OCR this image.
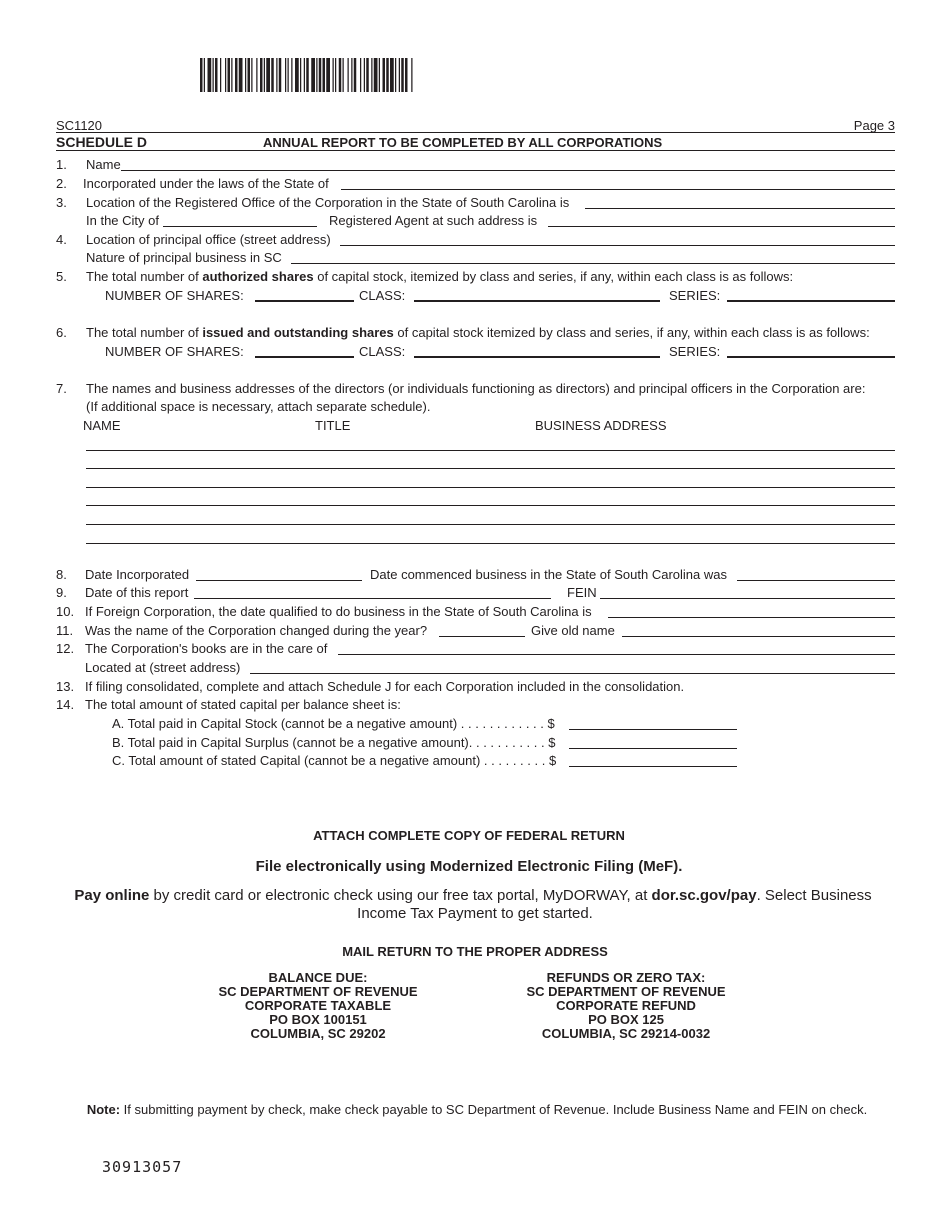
SC1120	Page 3
SCHEDULE D	ANNUAL REPORT TO BE COMPLETED BY ALL CORPORATIONS
1. Name
2. Incorporated under the laws of the State of
3. Location of the Registered Office of the Corporation in the State of South Carolina is
In the City of	Registered Agent at such address is
4. Location of principal office (street address)
Nature of principal business in SC
5. The total number of authorized shares of capital stock, itemized by class and series, if any, within each class is as follows:
NUMBER OF SHARES:	CLASS:	SERIES:
6. The total number of issued and outstanding shares of capital stock itemized by class and series, if any, within each class is as follows:
NUMBER OF SHARES:	CLASS:	SERIES:
7. The names and business addresses of the directors (or individuals functioning as directors) and principal officers in the Corporation are:
(If additional space is necessary, attach separate schedule).
NAME	TITLE	BUSINESS ADDRESS
8. Date Incorporated	Date commenced business in the State of South Carolina was
9. Date of this report	FEIN
10. If Foreign Corporation, the date qualified to do business in the State of South Carolina is
11. Was the name of the Corporation changed during the year?	Give old name
12. The Corporation's books are in the care of
Located at (street address)
13. If filing consolidated, complete and attach Schedule J for each Corporation included in the consolidation.
14. The total amount of stated capital per balance sheet is:
A. Total paid in Capital Stock (cannot be a negative amount) . . . . . . . . . . . . $
B. Total paid in Capital Surplus (cannot be a negative amount). . . . . . . . . . . $
C. Total amount of stated Capital (cannot be a negative amount) . . . . . . . . . $
ATTACH COMPLETE COPY OF FEDERAL RETURN
File electronically using Modernized Electronic Filing (MeF).
Pay online by credit card or electronic check using our free tax portal, MyDORWAY, at dor.sc.gov/pay. Select Business
Income Tax Payment to get started.
MAIL RETURN TO THE PROPER ADDRESS
BALANCE DUE:
SC DEPARTMENT OF REVENUE
CORPORATE TAXABLE
PO BOX 100151
COLUMBIA, SC 29202
REFUNDS OR ZERO TAX:
SC DEPARTMENT OF REVENUE
CORPORATE REFUND
PO BOX 125
COLUMBIA, SC 29214-0032
Note: If submitting payment by check, make check payable to SC Department of Revenue. Include Business Name and FEIN on check.
30913057
